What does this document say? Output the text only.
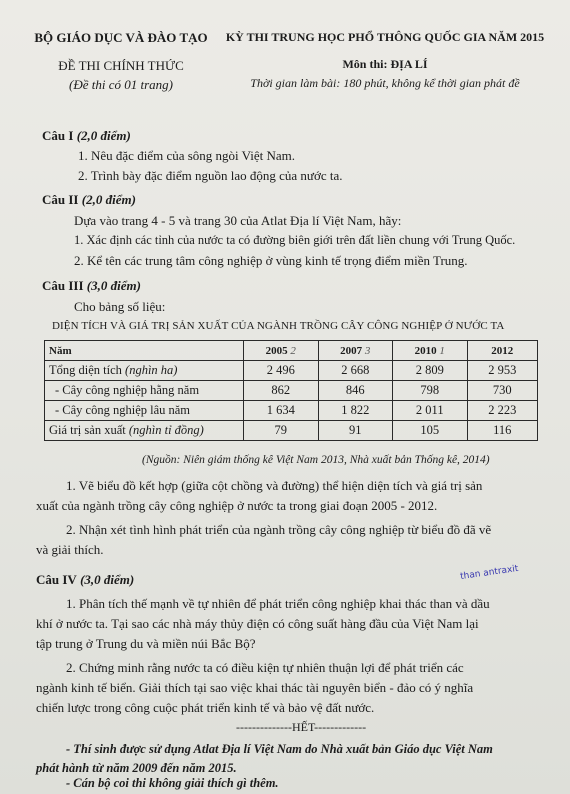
BỘ GIÁO DỤC VÀ ĐÀO TẠO
ĐỀ THI CHÍNH THỨC
(Đề thi có 01 trang)
KỲ THI TRUNG HỌC PHỔ THÔNG QUỐC GIA NĂM 2015
Môn thi: ĐỊA LÍ
Thời gian làm bài: 180 phút, không kể thời gian phát đề
Câu I (2,0 điểm)
1. Nêu đặc điểm của sông ngòi Việt Nam.
2. Trình bày đặc điểm nguồn lao động của nước ta.
Câu II (2,0 điểm)
Dựa vào trang 4 - 5 và trang 30 của Atlat Địa lí Việt Nam, hãy:
1. Xác định các tỉnh của nước ta có đường biên giới trên đất liền chung với Trung Quốc.
2. Kể tên các trung tâm công nghiệp ở vùng kinh tế trọng điểm miền Trung.
Câu III (3,0 điểm)
Cho bảng số liệu:
DIỆN TÍCH VÀ GIÁ TRỊ SẢN XUẤT CỦA NGÀNH TRỒNG CÂY CÔNG NGHIỆP Ở NƯỚC TA
Năm	2005 2	2007 3	2010 1	2012
Tổng diện tích (nghìn ha)	2 496	2 668	2 809	2 953
- Cây công nghiệp hằng năm	862	846	798	730
- Cây công nghiệp lâu năm	1 634	1 822	2 011	2 223
Giá trị sản xuất (nghìn tỉ đồng)	79	91	105	116
(Nguồn: Niên giám thống kê Việt Nam 2013, Nhà xuất bản Thống kê, 2014)
1. Vẽ biểu đồ kết hợp (giữa cột chồng và đường) thể hiện diện tích và giá trị sản
xuất của ngành trồng cây công nghiệp ở nước ta trong giai đoạn 2005 - 2012.
2. Nhận xét tình hình phát triển của ngành trồng cây công nghiệp từ biểu đồ đã vẽ
và giải thích.
Câu IV (3,0 điểm)	than antraxit
1. Phân tích thế mạnh về tự nhiên để phát triển công nghiệp khai thác than và dầu
khí ở nước ta. Tại sao các nhà máy thủy điện có công suất hàng đầu của Việt Nam lại
tập trung ở Trung du và miền núi Bắc Bộ?
2. Chứng minh rằng nước ta có điều kiện tự nhiên thuận lợi để phát triển các
ngành kinh tế biển. Giải thích tại sao việc khai thác tài nguyên biển - đảo có ý nghĩa
chiến lược trong công cuộc phát triển kinh tế và bảo vệ đất nước.
--------------HẾT-------------
- Thí sinh được sử dụng Atlat Địa lí Việt Nam do Nhà xuất bản Giáo dục Việt Nam
phát hành từ năm 2009 đến năm 2015.
- Cán bộ coi thi không giải thích gì thêm.
